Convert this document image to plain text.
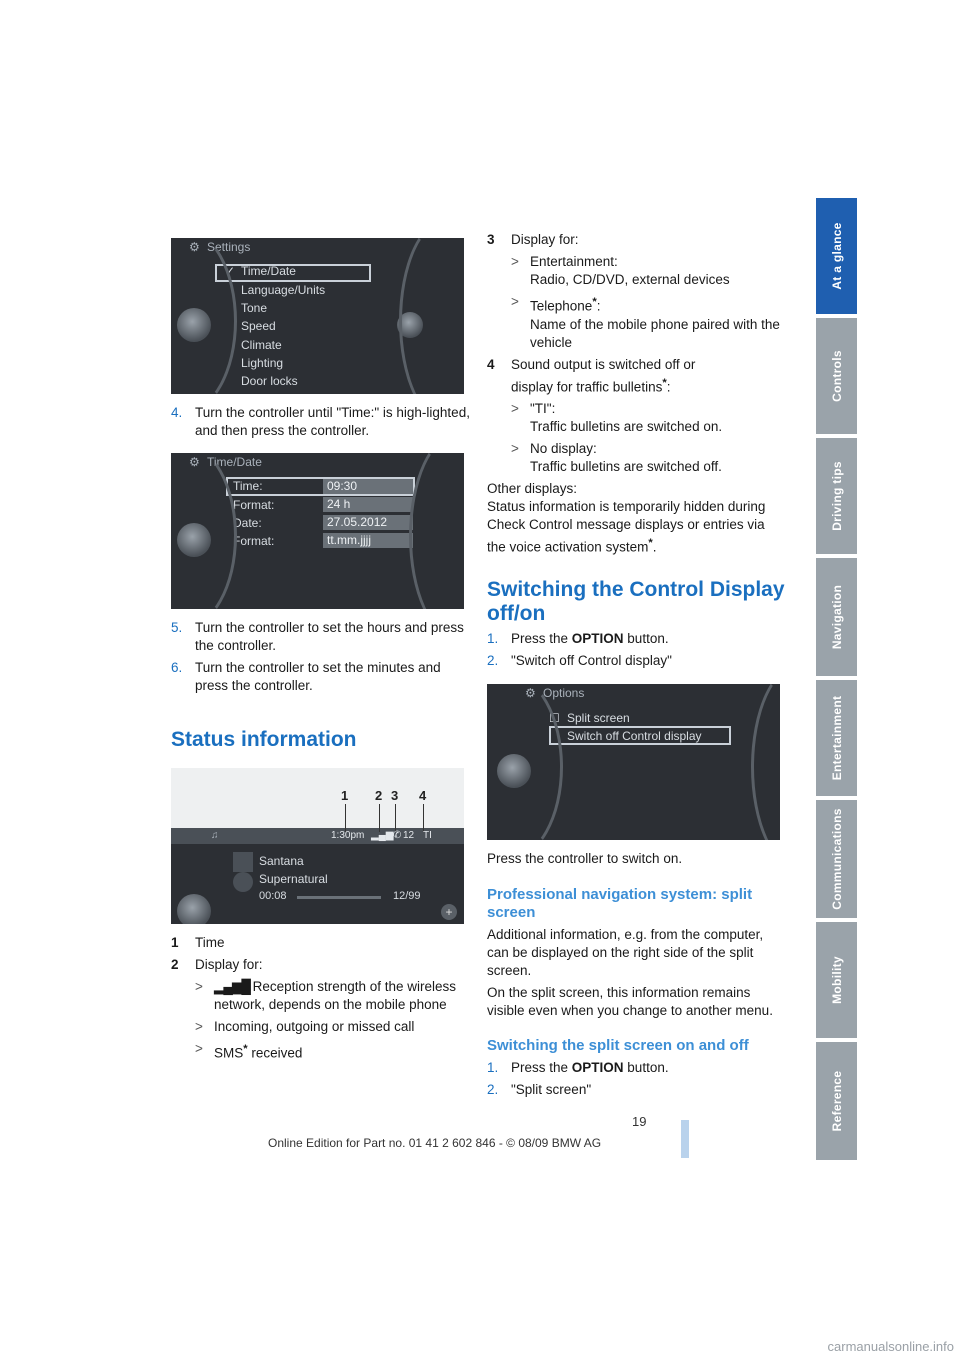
At a glance
Controls
Driving tips
Navigation
Entertainment
Communications
Mobility
Reference
⚙ Settings
✓ Time/Date
Language/Units
Tone
Speed
Climate
Lighting
Door locks
4. Turn the controller until "Time:" is high-lighted, and then press the controller.
⚙ Time/Date
Time:	09:30
Format:	24 h
Date:	27.05.2012
Format:	tt.mm.jjjj
5. Turn the controller to set the hours and press the controller.
6. Turn the controller to set the minutes and press the controller.
Status information
1 2 3 4
1:30pm ▂▄▆ ✆ 12 TI
♫
Santana
Supernatural
00:08	12/99
+
1	Time
2	Display for:
> ▂▄▆█ Reception strength of the wireless network, depends on the mobile phone
> Incoming, outgoing or missed call
> SMS* received
3	Display for:
> Entertainment:
Radio, CD/DVD, external devices
> Telephone*:
Name of the mobile phone paired with the vehicle
4	Sound output is switched off or
display for traffic bulletins*:
> "TI":
Traffic bulletins are switched on.
> No display:
Traffic bulletins are switched off.
Other displays:
Status information is temporarily hidden during Check Control message displays or entries via the voice activation system*.
Switching the Control Display off/on
1. Press the OPTION button.
2. "Switch off Control display"
⚙ Options
☐ Split screen
Switch off Control display
Press the controller to switch on.
Professional navigation system: split screen
Additional information, e.g. from the computer, can be displayed on the right side of the split screen.
On the split screen, this information remains visible even when you change to another menu.
Switching the split screen on and off
1. Press the OPTION button.
2. "Split screen"
19
Online Edition for Part no. 01 41 2 602 846 - © 08/09 BMW AG
carmanualsonline.info
